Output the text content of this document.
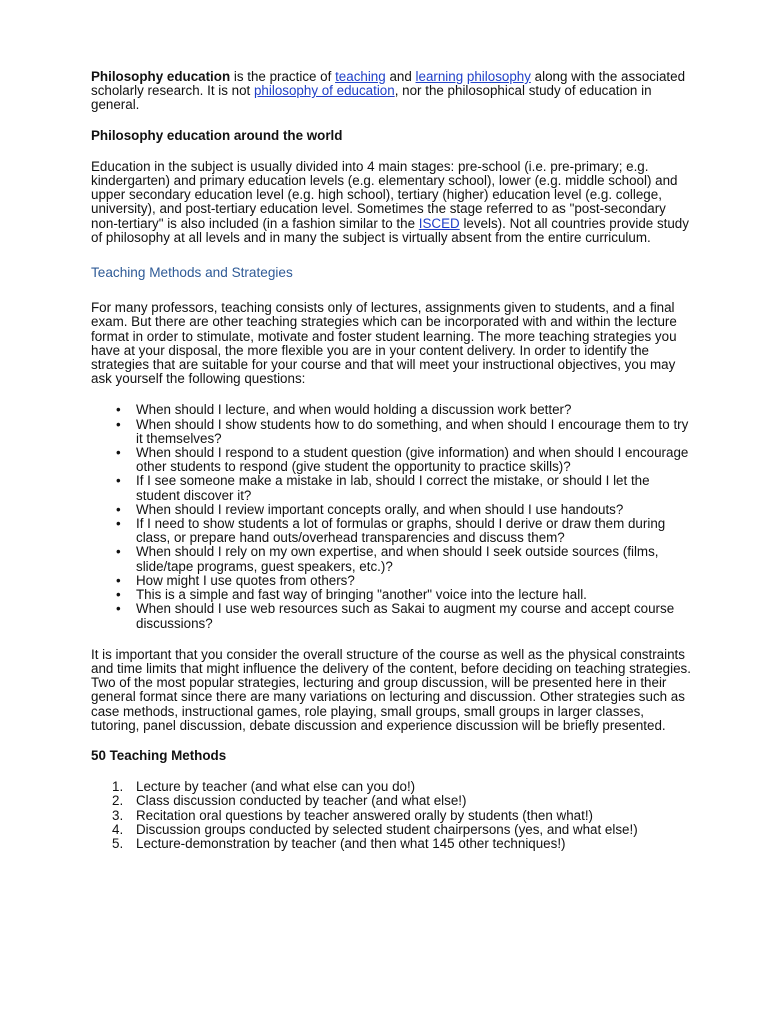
Philosophy education is the practice of teaching and learning philosophy along with the associated scholarly research. It is not philosophy of education, nor the philosophical study of education in general.

Philosophy education around the world

Education in the subject is usually divided into 4 main stages: pre-school (i.e. pre-primary; e.g. kindergarten) and primary education levels (e.g. elementary school), lower (e.g. middle school) and upper secondary education level (e.g. high school), tertiary (higher) education level (e.g. college, university), and post-tertiary education level. Sometimes the stage referred to as "post-secondary non-tertiary" is also included (in a fashion similar to the ISCED levels). Not all countries provide study of philosophy at all levels and in many the subject is virtually absent from the entire curriculum.

Teaching Methods and Strategies

For many professors, teaching consists only of lectures, assignments given to students, and a final exam. But there are other teaching strategies which can be incorporated with and within the lecture format in order to stimulate, motivate and foster student learning. The more teaching strategies you have at your disposal, the more flexible you are in your content delivery. In order to identify the strategies that are suitable for your course and that will meet your instructional objectives, you may ask yourself the following questions:

• When should I lecture, and when would holding a discussion work better?
• When should I show students how to do something, and when should I encourage them to try it themselves?
• When should I respond to a student question (give information) and when should I encourage other students to respond (give student the opportunity to practice skills)?
• If I see someone make a mistake in lab, should I correct the mistake, or should I let the student discover it?
• When should I review important concepts orally, and when should I use handouts?
• If I need to show students a lot of formulas or graphs, should I derive or draw them during class, or prepare hand outs/overhead transparencies and discuss them?
• When should I rely on my own expertise, and when should I seek outside sources (films, slide/tape programs, guest speakers, etc.)?
• How might I use quotes from others?
• This is a simple and fast way of bringing "another" voice into the lecture hall.
• When should I use web resources such as Sakai to augment my course and accept course discussions?

It is important that you consider the overall structure of the course as well as the physical constraints and time limits that might influence the delivery of the content, before deciding on teaching strategies. Two of the most popular strategies, lecturing and group discussion, will be presented here in their general format since there are many variations on lecturing and discussion. Other strategies such as case methods, instructional games, role playing, small groups, small groups in larger classes, tutoring, panel discussion, debate discussion and experience discussion will be briefly presented.

50 Teaching Methods

1. Lecture by teacher (and what else can you do!)
2. Class discussion conducted by teacher (and what else!)
3. Recitation oral questions by teacher answered orally by students (then what!)
4. Discussion groups conducted by selected student chairpersons (yes, and what else!)
5. Lecture-demonstration by teacher (and then what 145 other techniques!)
